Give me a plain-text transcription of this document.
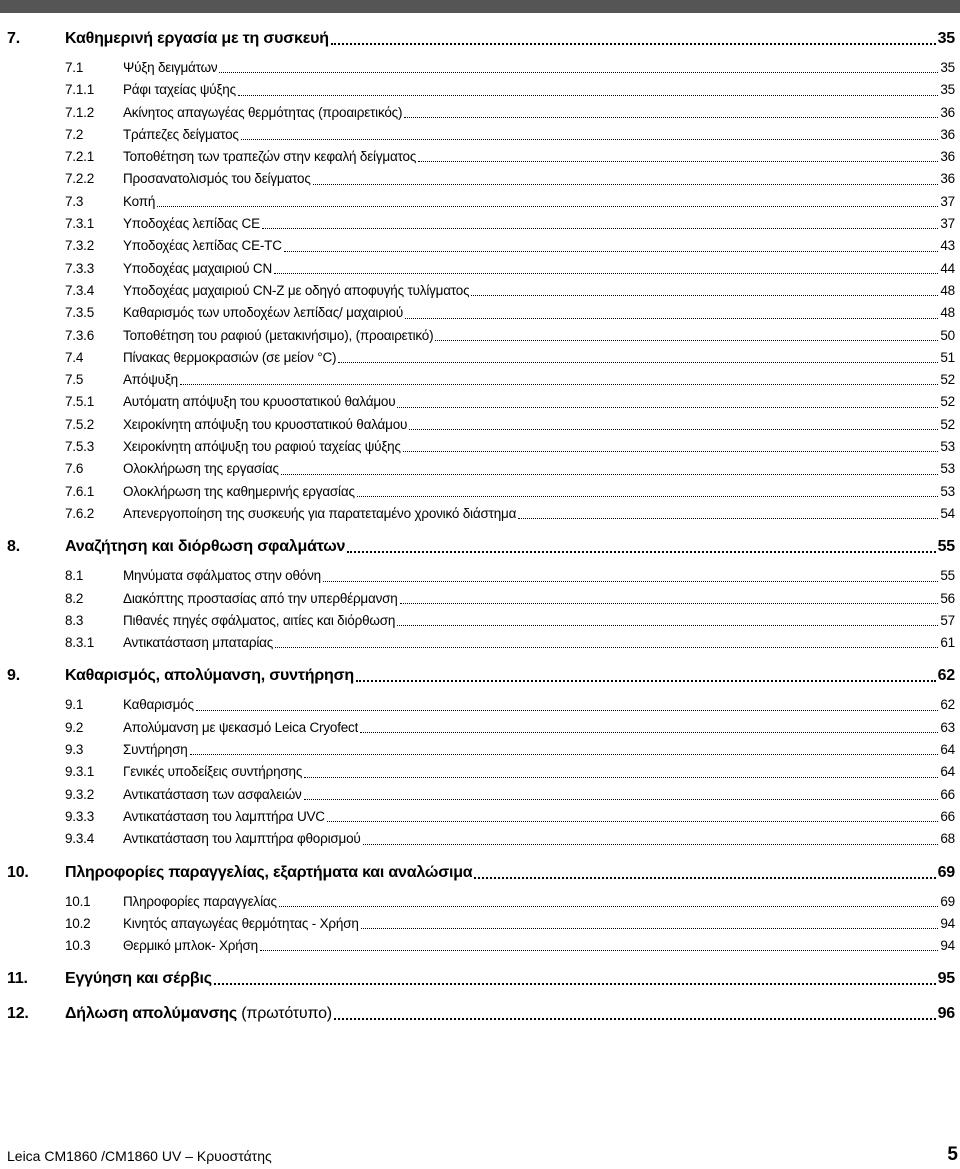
7.	Καθημερινή εργασία με τη συσκευή	35
7.1	Ψύξη δειγμάτων	35
7.1.1	Ράφι ταχείας ψύξης	35
7.1.2	Ακίνητος απαγωγέας θερμότητας (προαιρετικός)	36
7.2	Τράπεζες δείγματος	36
7.2.1	Τοποθέτηση των τραπεζών στην κεφαλή δείγματος	36
7.2.2	Προσανατολισμός του δείγματος	36
7.3	Κοπή	37
7.3.1	Υποδοχέας λεπίδας CE	37
7.3.2	Υποδοχέας λεπίδας CE-TC	43
7.3.3	Υποδοχέας μαχαιριού CN	44
7.3.4	Υποδοχέας μαχαιριού CN-Z με οδηγό αποφυγής τυλίγματος	48
7.3.5	Καθαρισμός των υποδοχέων λεπίδας/ μαχαιριού	48
7.3.6	Τοποθέτηση του ραφιού (μετακινήσιμο), (προαιρετικό)	50
7.4	Πίνακας θερμοκρασιών (σε μείον °C)	51
7.5	Απόψυξη	52
7.5.1	Αυτόματη απόψυξη του κρυοστατικού θαλάμου	52
7.5.2	Χειροκίνητη απόψυξη του κρυοστατικού θαλάμου	52
7.5.3	Χειροκίνητη απόψυξη του ραφιού ταχείας ψύξης	53
7.6	Ολοκλήρωση της εργασίας	53
7.6.1	Ολοκλήρωση της καθημερινής εργασίας	53
7.6.2	Απενεργοποίηση της συσκευής για παρατεταμένο χρονικό διάστημα	54
8.	Αναζήτηση και διόρθωση σφαλμάτων	55
8.1	Μηνύματα σφάλματος στην οθόνη	55
8.2	Διακόπτης προστασίας από την υπερθέρμανση	56
8.3	Πιθανές πηγές σφάλματος, αιτίες και διόρθωση	57
8.3.1	Αντικατάσταση μπαταρίας	61
9.	Καθαρισμός, απολύμανση, συντήρηση	62
9.1	Καθαρισμός	62
9.2	Απολύμανση με ψεκασμό Leica Cryofect	63
9.3	Συντήρηση	64
9.3.1	Γενικές υποδείξεις συντήρησης	64
9.3.2	Αντικατάσταση των ασφαλειών	66
9.3.3	Αντικατάσταση του λαμπτήρα UVC	66
9.3.4	Αντικατάσταση του λαμπτήρα φθορισμού	68
10.	Πληροφορίες παραγγελίας, εξαρτήματα και αναλώσιμα	69
10.1	Πληροφορίες παραγγελίας	69
10.2	Κινητός απαγωγέας θερμότητας - Χρήση	94
10.3	Θερμικό μπλοκ- Χρήση	94
11.	Εγγύηση και σέρβις	95
12.	Δήλωση απολύμανσης (πρωτότυπο)	96
Leica CM1860 /CM1860 UV – Κρυοστάτης	5
